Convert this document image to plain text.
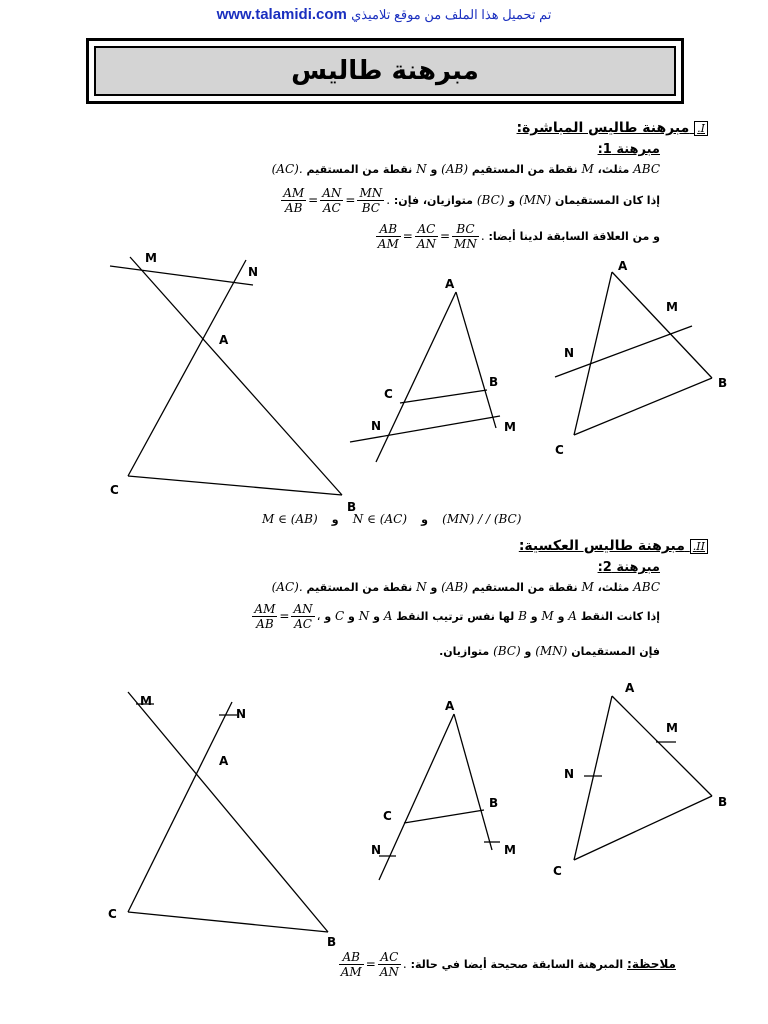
www.talamidi.com تم تحميل هذا الملف من موقع تلاميذي
مبرهنة طاليس
I. مبرهنة طاليس المباشرة:
مبرهنة 1:
ABC مثلث، M نقطة من المستقيم (AB) و N نقطة من المستقيم (AC).
إذا كان المستقيمان (MN) و (BC) متوازيان، فإن:
$\frac{AM}{AB} = \frac{AN}{AC} = \frac{MN}{BC}$ .
و من العلاقة السابقة لدينا أيضا:
$\frac{AB}{AM} = \frac{AC}{AN} = \frac{BC}{MN}$ .
M
N
A
C
B
A
B
C
N	M
A
M
N
B
C
(MN) / / (BC) و N ∈ (AC) و M ∈ (AB)
II. مبرهنة طاليس العكسية:
مبرهنة 2:
ABC مثلث، M نقطة من المستقيم (AB) و N نقطة من المستقيم (AC).
إذا كانت النقط A و M و B لها نفس ترتيب النقط A و N و C و
$\frac{AM}{AB} = \frac{AN}{AC}$ ،
فإن المستقيمان (MN) و (BC) متوازيان.
M
N
A
C
B
A
B
C
N	M
A
M
N
B
C
ملاحظة: المبرهنة السابقة صحيحة أيضا في حالة:
$\frac{AB}{AM} = \frac{AC}{AN}$ .
